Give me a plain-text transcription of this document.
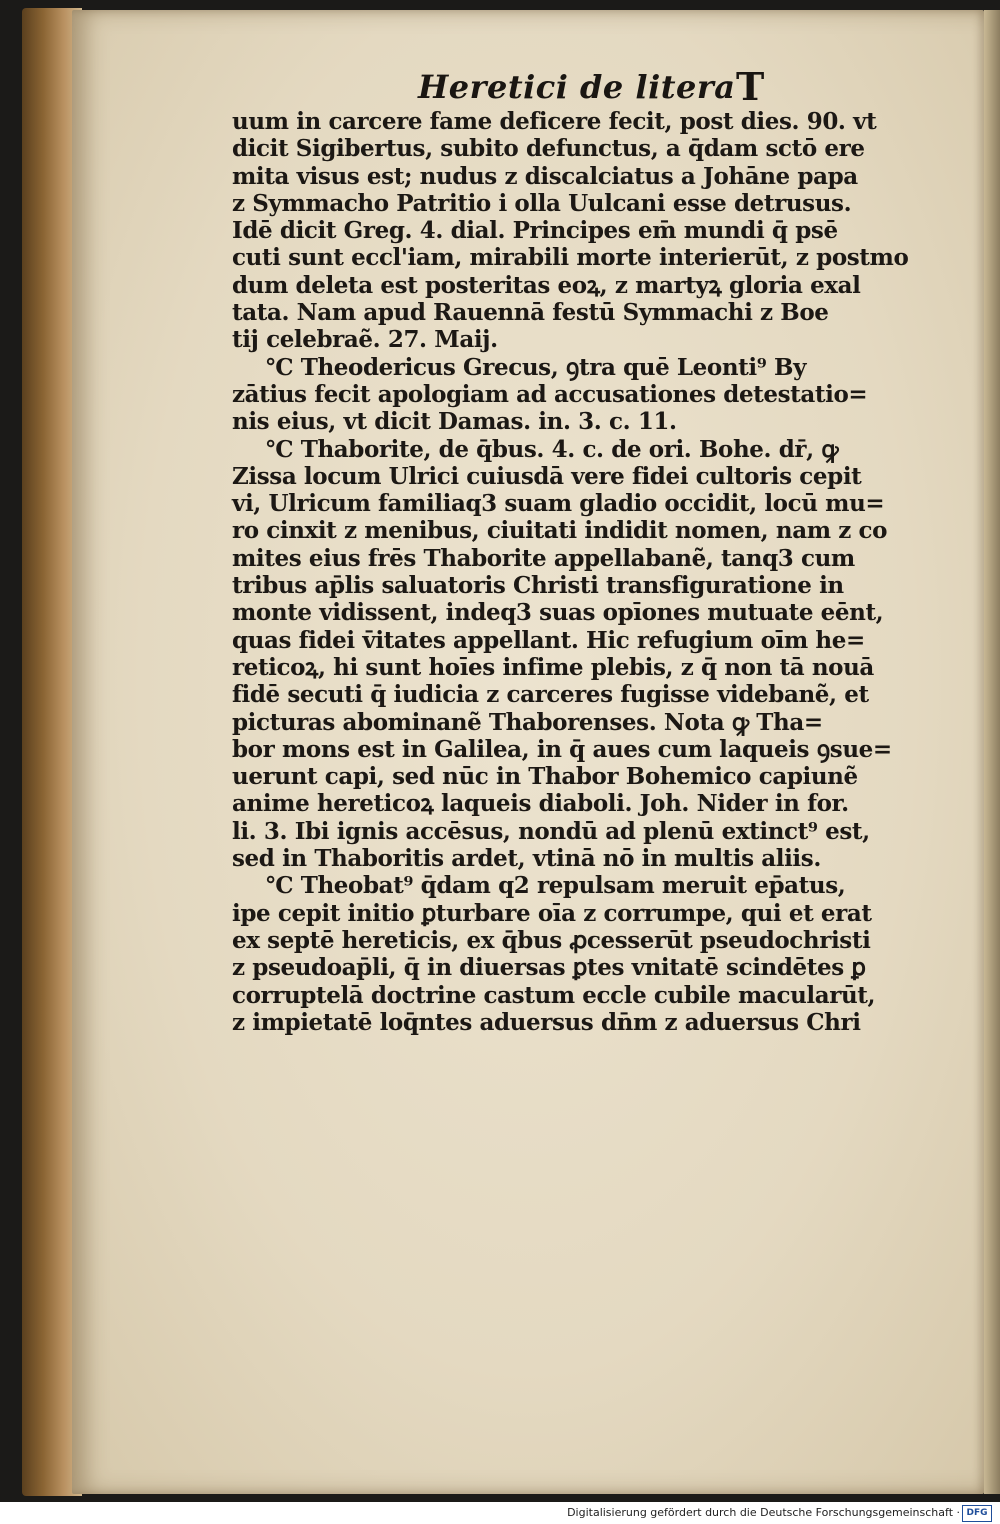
Heretici de litera T
uum in carcere fame deficere fecit, post dies. 90. vt
dicit Sigibertus, subito defunctus, a q̄dam sctō ere
mita visus est; nudus z discalciatus a Johāne papa
z Symmacho Patritio i olla Uulcani esse detrusus.
Idē dicit Greg. 4. dial. Principes em̄ mundi q̄ psē
cuti sunt eccl'iam, mirabili morte interierūt, z postmo
dum deleta est posteritas eoꝝ, z martyꝝ gloria exal
tata. Nam apud Rauennā festū Symmachi z Boe
tij celebraẽ. 27. Maij.
℃ Theodericus Grecus, ꝯtra quē Leonti⁹ By
zātius fecit apologiam ad accusationes detestatio=
nis eius, vt dicit Damas. in. 3. c. 11.
℃ Thaborite, de q̄bus. 4. c. de ori. Bohe. dr̄, ꝙ
Zissa locum Ulrici cuiusdā vere fidei cultoris cepit
vi, Ulricum familiaq3 suam gladio occidit, locū mu=
ro cinxit z menibus, ciuitati indidit nomen, nam z co
mites eius frēs Thaborite appellabanẽ, tanq3 cum
tribus ap̄lis saluatoris Christi transfiguratione in
monte vidissent, indeq3 suas opīones mutuate eēnt,
quas fidei v̄itates appellant. Hic refugium oīm he=
reticoꝝ, hi sunt hoīes infime plebis, z q̄ non tā nouā
fidē secuti q̄ iudicia z carceres fugisse videbanẽ, et
picturas abominanẽ Thaborenses. Nota ꝙ Tha=
bor mons est in Galilea, in q̄ aues cum laqueis ꝯsue=
uerunt capi, sed nūc in Thabor Bohemico capiunẽ
anime hereticoꝝ laqueis diaboli. Joh. Nider in for.
li. 3. Ibi ignis accēsus, nondū ad plenū extinct⁹ est,
sed in Thaboritis ardet, vtinā nō in multis aliis.
℃ Theobat⁹ q̄dam q2 repulsam meruit ep̄atus,
ipe cepit initio ꝑturbare oīa z corrumpe, qui et erat
ex septē hereticis, ex q̄bus ꝓcesserūt pseudochristi
z pseudoap̄li, q̄ in diuersas ꝑtes vnitatē scindētes ꝑ
corruptelā doctrine castum eccle cubile macularūt,
z impietatē loq̄ntes aduersus dn̄m z aduersus Chri
Digitalisierung gefördert durch die Deutsche Forschungsgemeinschaft · DFG
